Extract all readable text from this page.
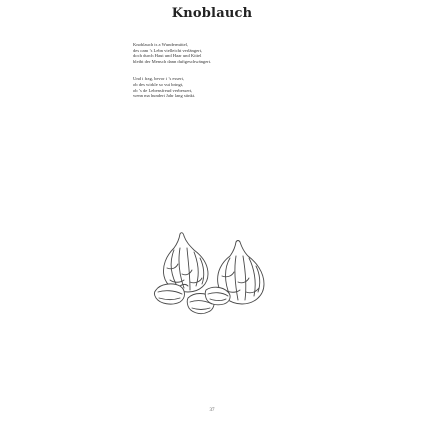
Knoblauch
Knoblauch is a Wundermittel,
des oam ’s Lebn vielleicht verlängert,
doch durch Haut und Haar und Kittel
bleibt der Mensch dann duftgeschwängert.
Und i frag, bevor i ’s essert,
ob des wirkle so vui bringt,
ob ’s de Lebensfreud verbessert,
wenn ma hundert Jahr lang stinkt.
37
